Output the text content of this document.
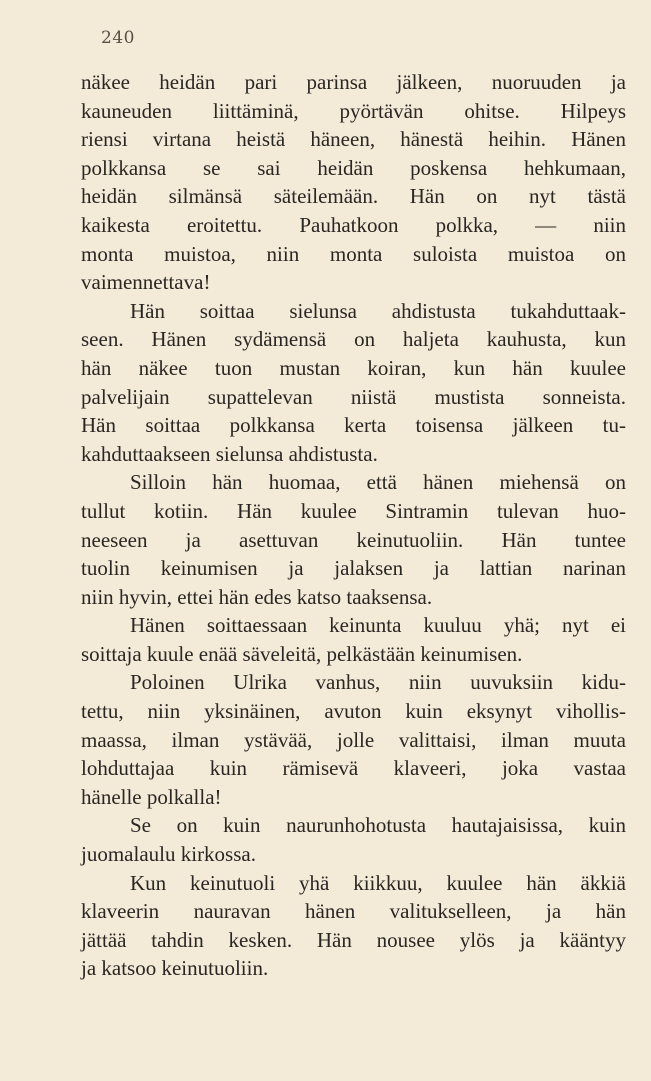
240
näkee heidän pari parinsa jälkeen, nuoruuden ja
kauneuden liittäminä, pyörtävän ohitse. Hilpeys
riensi virtana heistä häneen, hänestä heihin. Hänen
polkkansa se sai heidän poskensa hehkumaan,
heidän silmänsä säteilemään. Hän on nyt tästä
kaikesta eroitettu. Pauhatkoon polkka, — niin
monta muistoa, niin monta suloista muistoa on
vaimennettava!
Hän soittaa sielunsa ahdistusta tukahduttaak-
seen. Hänen sydämensä on haljeta kauhusta, kun
hän näkee tuon mustan koiran, kun hän kuulee
palvelijain supattelevan niistä mustista sonneista.
Hän soittaa polkkansa kerta toisensa jälkeen tu-
kahduttaakseen sielunsa ahdistusta.
Silloin hän huomaa, että hänen miehensä on
tullut kotiin. Hän kuulee Sintramin tulevan huo-
neeseen ja asettuvan keinutuoliin. Hän tuntee
tuolin keinumisen ja jalaksen ja lattian narinan
niin hyvin, ettei hän edes katso taaksensa.
Hänen soittaessaan keinunta kuuluu yhä; nyt ei
soittaja kuule enää säveleitä, pelkästään keinumisen.
Poloinen Ulrika vanhus, niin uuvuksiin kidu-
tettu, niin yksinäinen, avuton kuin eksynyt vihollis-
maassa, ilman ystävää, jolle valittaisi, ilman muuta
lohduttajaa kuin rämisevä klaveeri, joka vastaa
hänelle polkalla!
Se on kuin naurunhohotusta hautajaisissa, kuin
juomalaulu kirkossa.
Kun keinutuoli yhä kiikkuu, kuulee hän äkkiä
klaveerin nauravan hänen valitukselleen, ja hän
jättää tahdin kesken. Hän nousee ylös ja kääntyy
ja katsoo keinutuoliin.
